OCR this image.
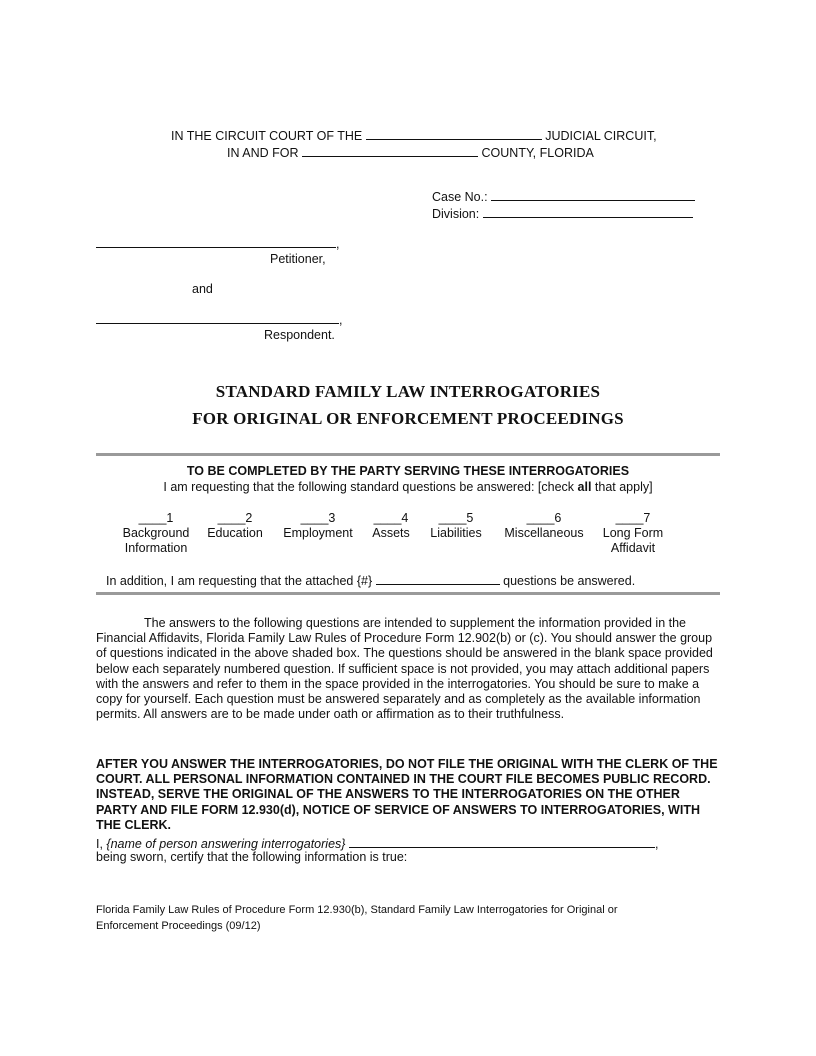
IN THE CIRCUIT COURT OF THE	JUDICIAL CIRCUIT,
IN AND FOR	COUNTY, FLORIDA
Case No.:
Division:
,
Petitioner,
and
,
Respondent.
STANDARD FAMILY LAW INTERROGATORIES
FOR ORIGINAL OR ENFORCEMENT PROCEEDINGS
TO BE COMPLETED BY THE PARTY SERVING THESE INTERROGATORIES
I am requesting that the following standard questions be answered: [check all that apply]
____1
Background
Information
____2
Education
____3
Employment
____4
Assets
____5
Liabilities
____6
Miscellaneous
____7
Long Form
Affidavit
In addition, I am requesting that the attached {#}	questions be answered.
The answers to the following questions are intended to supplement the information provided in the Financial Affidavits, Florida Family Law Rules of Procedure Form 12.902(b) or (c). You should answer the group of questions indicated in the above shaded box. The questions should be answered in the blank space provided below each separately numbered question. If sufficient space is not provided, you may attach additional papers with the answers and refer to them in the space provided in the interrogatories. You should be sure to make a copy for yourself. Each question must be answered separately and as completely as the available information permits. All answers are to be made under oath or affirmation as to their truthfulness.
AFTER YOU ANSWER THE INTERROGATORIES, DO NOT FILE THE ORIGINAL WITH THE CLERK OF THE COURT. ALL PERSONAL INFORMATION CONTAINED IN THE COURT FILE BECOMES PUBLIC RECORD. INSTEAD, SERVE THE ORIGINAL OF THE ANSWERS TO THE INTERROGATORIES ON THE OTHER PARTY AND FILE FORM 12.930(d), NOTICE OF SERVICE OF ANSWERS TO INTERROGATORIES, WITH THE CLERK.
I, {name of person answering interrogatories}	,
being sworn, certify that the following information is true:
Florida Family Law Rules of Procedure Form 12.930(b), Standard Family Law Interrogatories for Original or
Enforcement Proceedings (09/12)
